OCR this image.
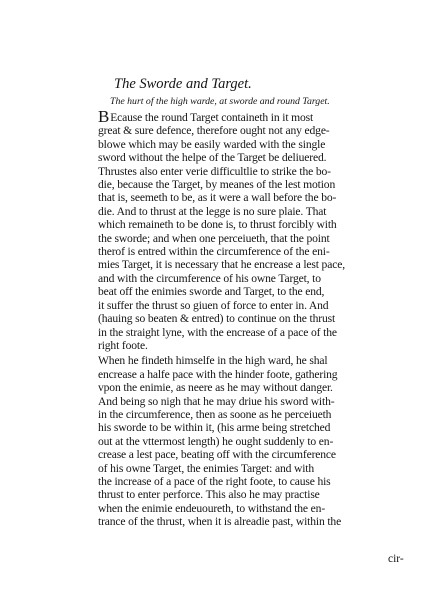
The Sworde and Target.
The hurt of the high warde, at sworde and round Target.
BEcause the round Target containeth in it most
great & sure defence, therefore ought not any edge-
blowe which may be easily warded with the single
sword without the helpe of the Target be deliuered.
Thrustes also enter verie difficultlie to strike the bo-
die, because the Target, by meanes of the lest motion
that is, seemeth to be, as it were a wall before the bo-
die. And to thrust at the legge is no sure plaie. That
which remaineth to be done is, to thrust forcibly with
the sworde; and when one perceiueth, that the point
therof is entred within the circumference of the eni-
mies Target, it is necessary that he encrease a lest pace,
and with the circumference of his owne Target, to
beat off the enimies sworde and Target, to the end,
it suffer the thrust so giuen of force to enter in. And
(hauing so beaten & entred) to continue on the thrust
in the straight lyne, with the encrease of a pace of the
right foote.
When he findeth himselfe in the high ward, he shal
encrease a halfe pace with the hinder foote, gathering
vpon the enimie, as neere as he may without danger.
And being so nigh that he may driue his sword with-
in the circumference, then as soone as he perceiueth
his sworde to be within it, (his arme being stretched
out at the vttermost length) he ought suddenly to en-
crease a lest pace, beating off with the circumference
of his owne Target, the enimies Target: and with
the increase of a pace of the right foote, to cause his
thrust to enter perforce. This also he may practise
when the enimie endeuoureth, to withstand the en-
trance of the thrust, when it is alreadie past, within the
cir-
